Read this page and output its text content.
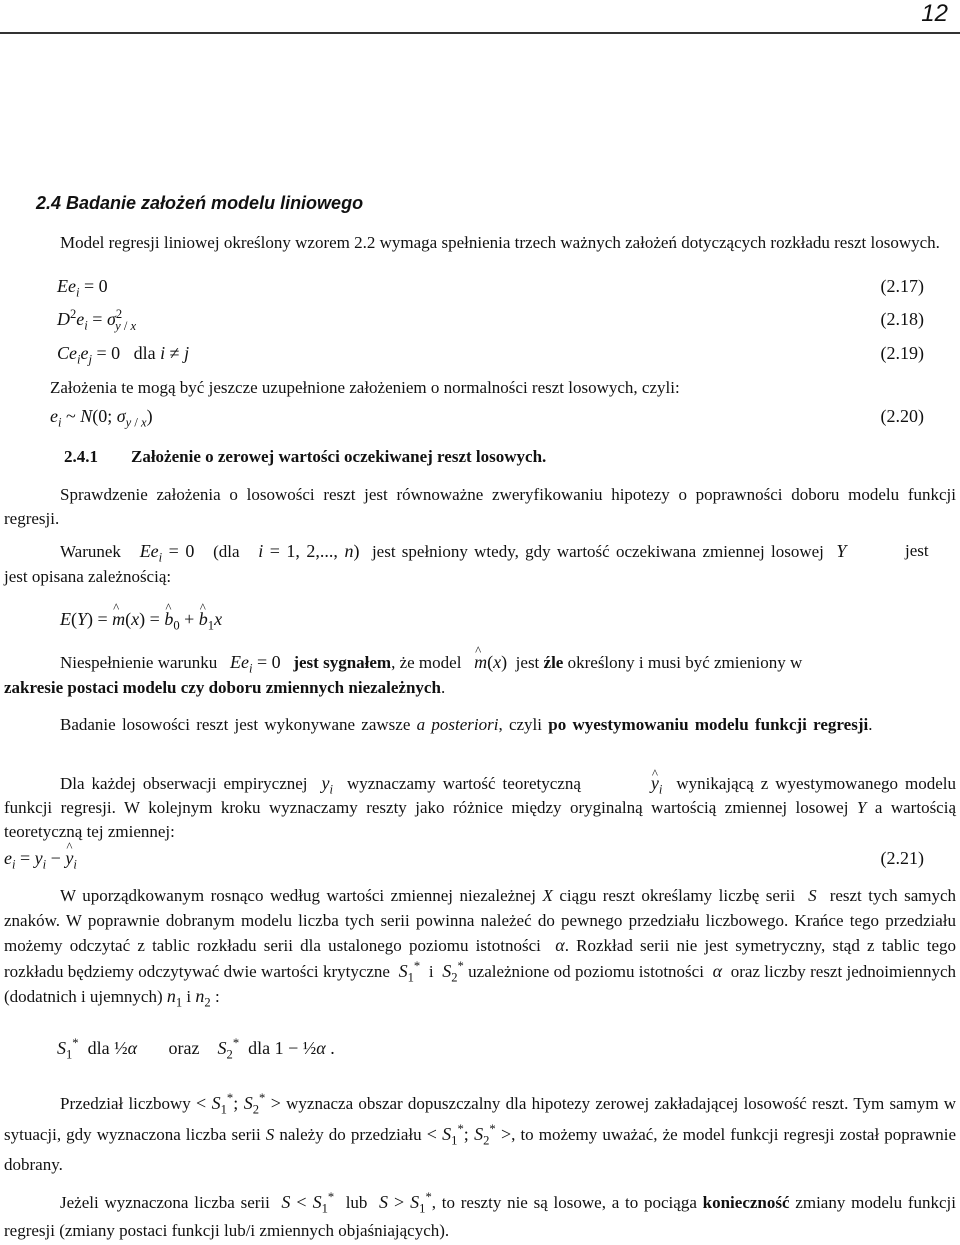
12
2.4 Badanie założeń modelu liniowego
Model regresji liniowej określony wzorem 2.2 wymaga spełnienia trzech ważnych założeń dotyczących rozkładu reszt losowych.
$Ee_i = 0$	(2.17)
$D^2e_i = \sigma^2_{y / x}$	(2.18)
$Ce_ie_j = 0$   dla i ≠ j	(2.19)
Założenia te mogą być jeszcze uzupełnione założeniem o normalności reszt losowych, czyli:
$e_i$ ~ N(0; $\sigma_{y / x}$)	(2.20)
2.4.1 Założenie o zerowej wartości oczekiwanej reszt losowych.
Sprawdzenie założenia o losowości reszt jest równoważne zweryfikowaniu hipotezy o poprawności doboru modelu funkcji regresji.
Warunek $Ee_i = 0$ (dla i = 1, 2,..., n) jest spełniony wtedy, gdy wartość oczekiwana zmiennej losowej Y	jest
jest opisana zależnością:
E(Y) = ^ m(x) = ^ $b_0$ + ^ $b_1x$
Niespełnienie warunku $Ee_i = 0$ jest sygnałem, że model ^ m(x) jest źle określony i musi być zmieniony w
zakresie postaci modelu czy doboru zmiennych niezależnych.
Badanie losowości reszt jest wykonywane zawsze a posteriori, czyli po wyestymowaniu modelu funkcji regresji.
Dla każdej obserwacji empirycznej $y_i$ wyznaczamy wartość teoretyczną	^ $y_i$ wynikającą z wyestymowanego modelu funkcji regresji. W kolejnym kroku wyznaczamy reszty jako różnice między oryginalną wartością zmiennej losowej Y a wartością teoretyczną tej zmiennej:
$e_i = y_i$ − ^ $y_i$	(2.21)
W uporządkowanym rosnąco według wartości zmiennej niezależnej X ciągu reszt określamy liczbę serii S reszt tych samych znaków. W poprawnie dobranym modelu liczba tych serii powinna należeć do pewnego przedziału liczbowego. Krańce tego przedziału możemy odczytać z tablic rozkładu serii dla ustalonego poziomu istotności α. Rozkład serii nie jest symetryczny, stąd z tablic tego rozkładu będziemy odczytywać dwie wartości krytyczne $S_1^*$ i $S_2^*$ uzależnione od poziomu istotności α oraz liczby reszt jednoimiennych (dodatnich i ujemnych) $n_1$ i $n_2$ :
$S_1^*$ dla ½α oraz $S_2^*$ dla 1 − ½α .
Przedział liczbowy < $S_1^*$; $S_2^*$ > wyznacza obszar dopuszczalny dla hipotezy zerowej zakładającej losowość reszt. Tym samym w sytuacji, gdy wyznaczona liczba serii S należy do przedziału < $S_1^*$; $S_2^*$ >, to możemy uważać, że model funkcji regresji został poprawnie dobrany.
Jeżeli wyznaczona liczba serii $S < S_1^*$ lub $S > S_1^*$, to reszty nie są losowe, a to pociąga konieczność zmiany modelu funkcji regresji (zmiany postaci funkcji lub/i zmiennych objaśniających).
